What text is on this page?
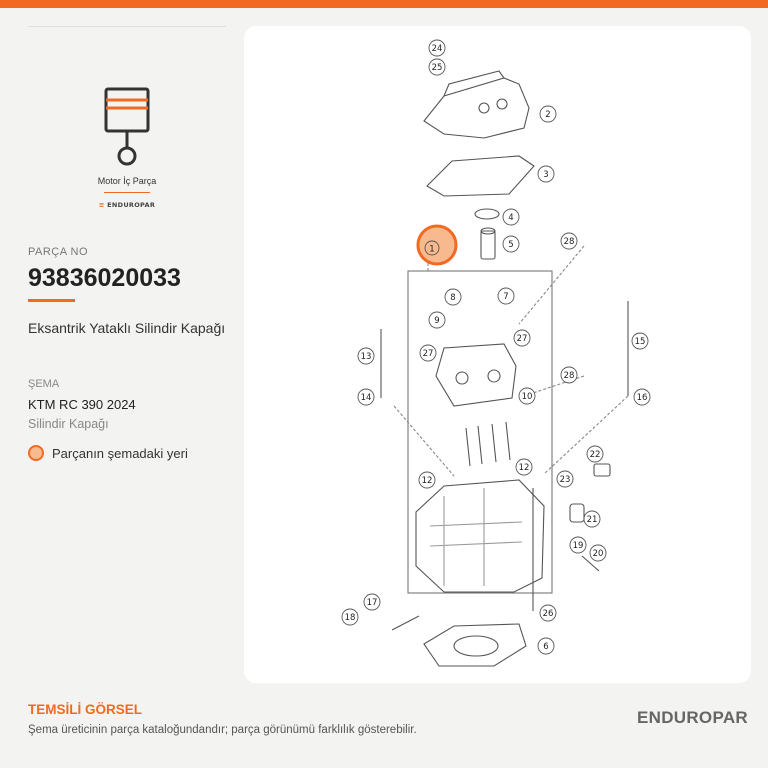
Motor İç Parça
≡ ENDUROPAR
PARÇA NO
93836020033
Eksantrik Yataklı Silindir Kapağı
ŞEMA
KTM RC 390 2024
Silindir Kapağı
Parçanın şemadaki yeri
1
2
3
4
5
6
7
8
9
10
12
12
13
14
15
16
17
18
19
20
21
22
23
24
25
26
27
27
28
28
TEMSİLİ GÖRSEL
Şema üreticinin parça kataloğundandır; parça görünümü farklılık gösterebilir.
ENDUROPAR
